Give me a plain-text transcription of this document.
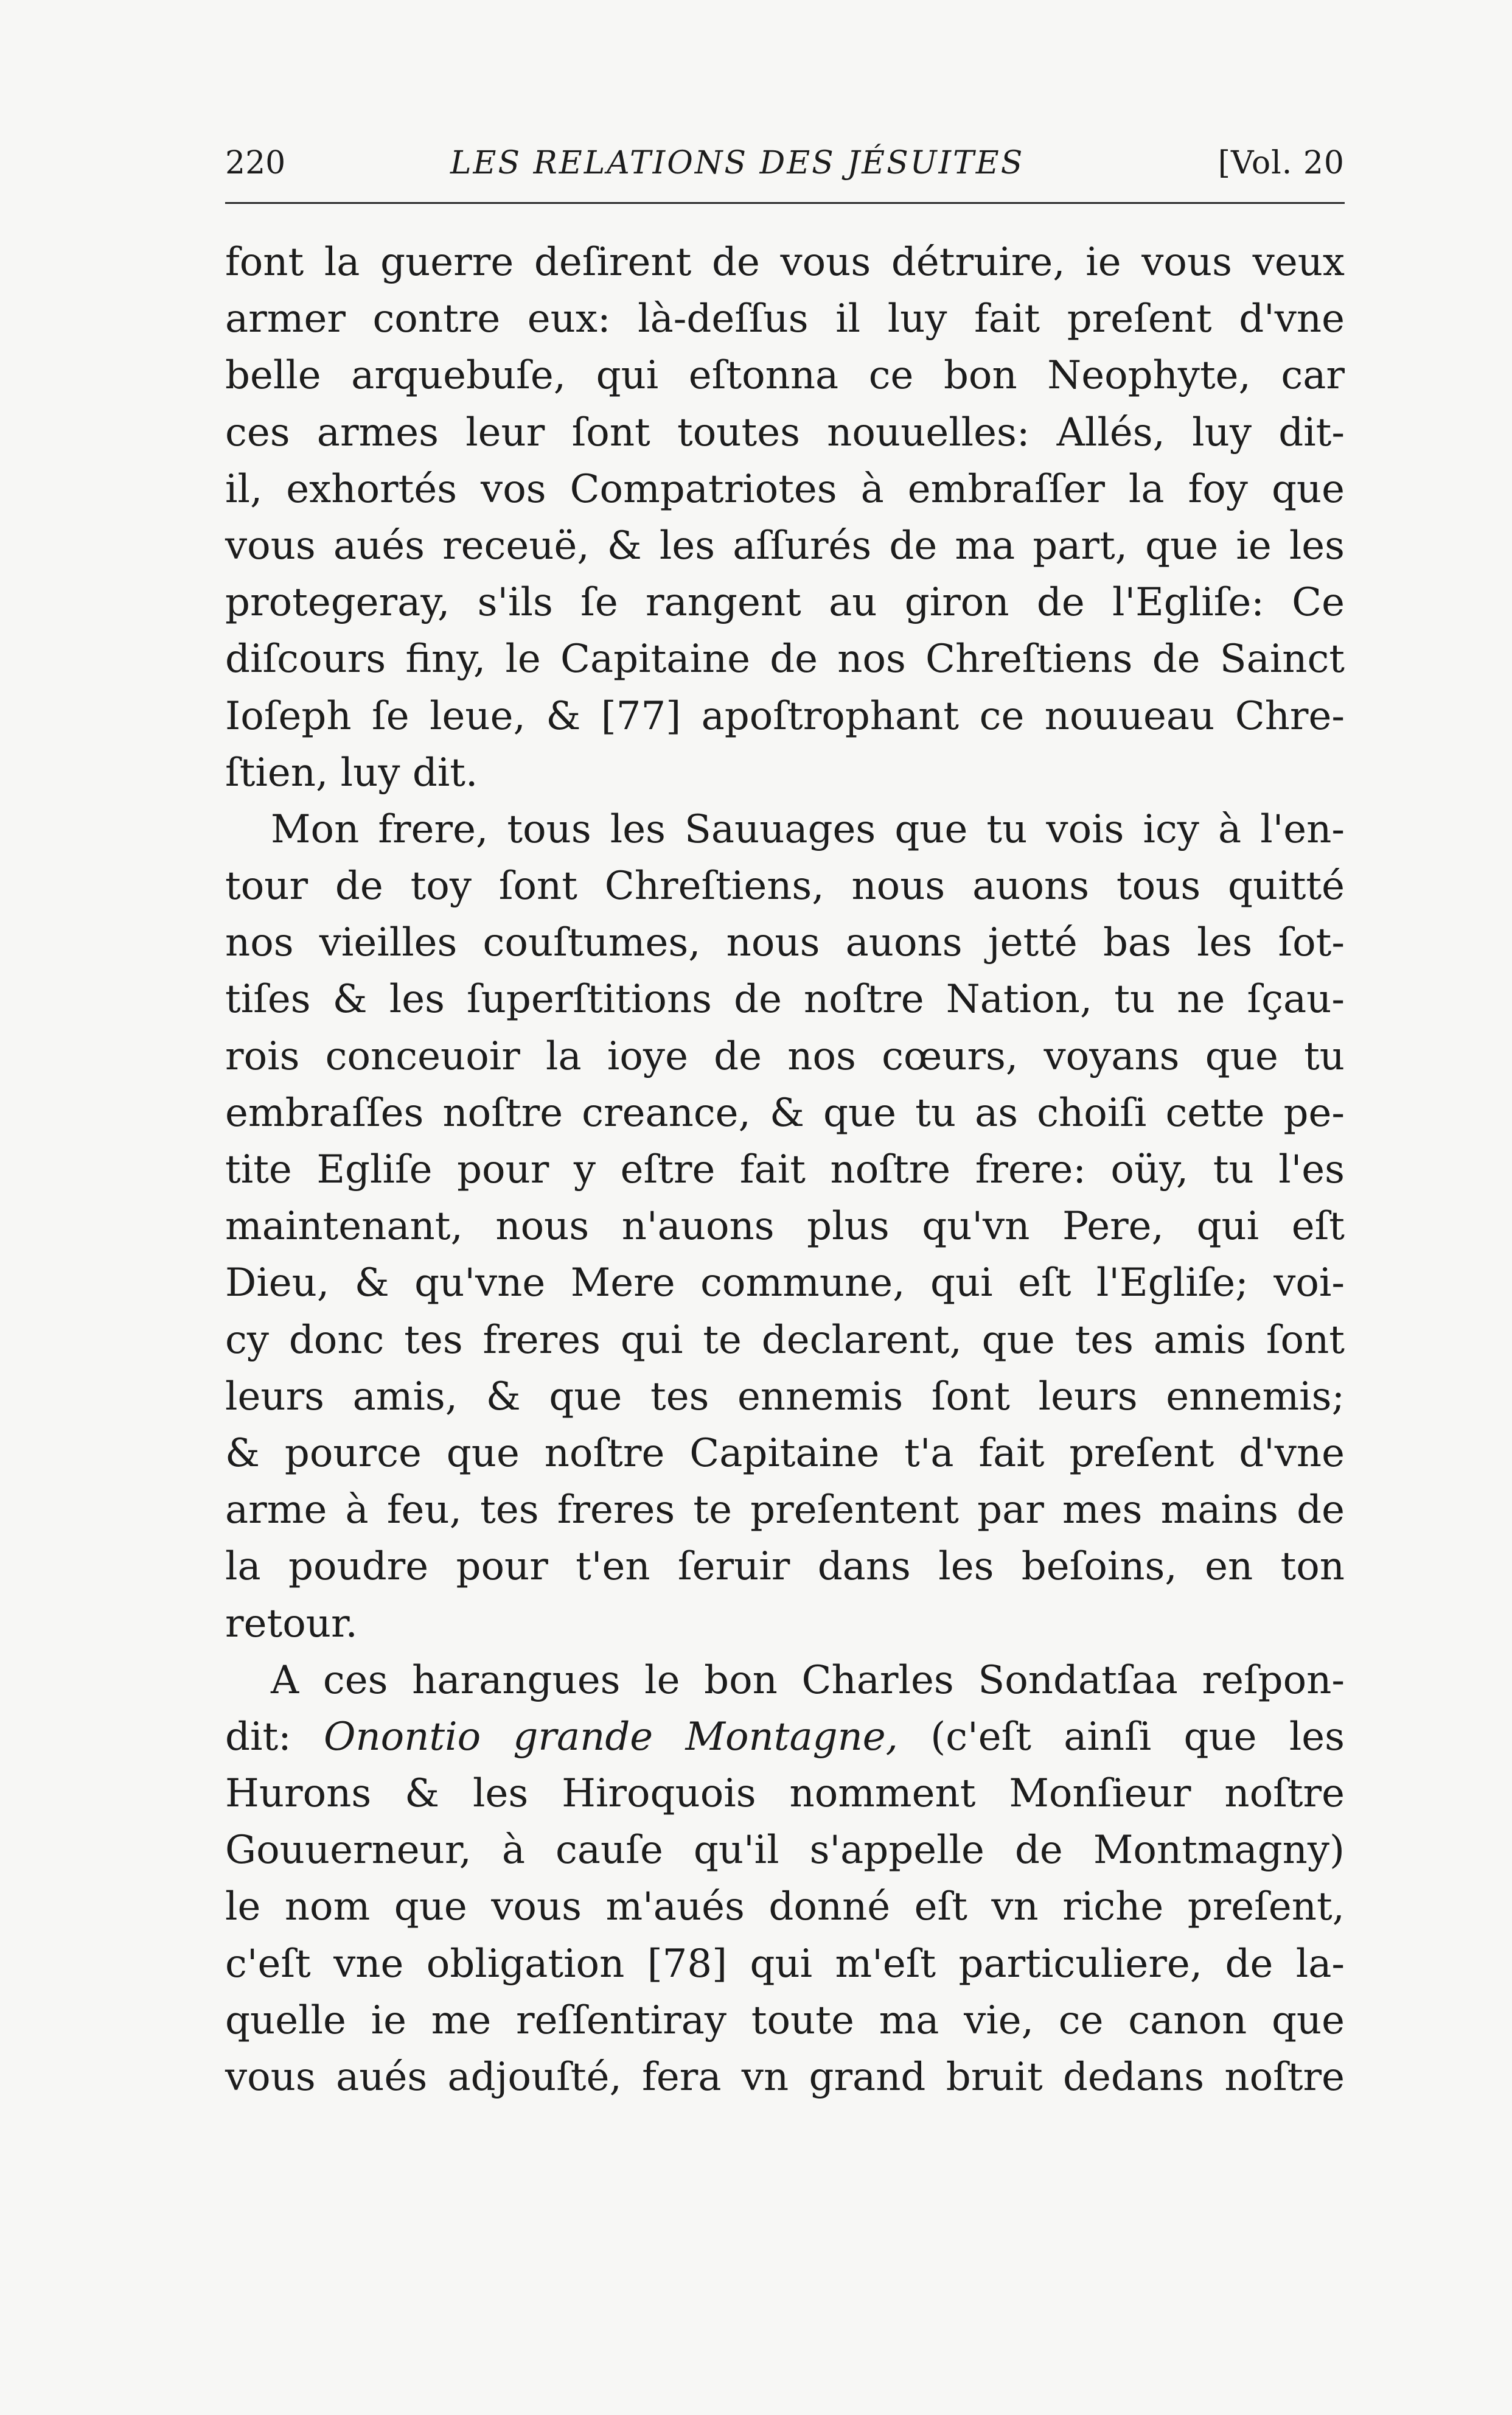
220	LES RELATIONS DES JÉSUITES	[Vol. 20
font la guerre deſirent de vous détruire, ie vous veux
armer contre eux: là-deſſus il luy fait preſent d'vne
belle arquebuſe, qui eſtonna ce bon Neophyte, car
ces armes leur ſont toutes nouuelles: Allés, luy dit-
il, exhortés vos Compatriotes à embraſſer la foy que
vous aués receuë, & les aſſurés de ma part, que ie les
protegeray, s'ils ſe rangent au giron de l'Egliſe: Ce
diſcours finy, le Capitaine de nos Chreſtiens de Sainct
Ioſeph ſe leue, & [77] apoſtrophant ce nouueau Chre-
ſtien, luy dit.
Mon frere, tous les Sauuages que tu vois icy à l'en-
tour de toy ſont Chreſtiens, nous auons tous quitté
nos vieilles couſtumes, nous auons jetté bas les ſot-
tiſes & les ſuperſtitions de noſtre Nation, tu ne ſçau-
rois conceuoir la ioye de nos cœurs, voyans que tu
embraſſes noſtre creance, & que tu as choiſi cette pe-
tite Egliſe pour y eſtre fait noſtre frere: oüy, tu l'es
maintenant, nous n'auons plus qu'vn Pere, qui eſt
Dieu, & qu'vne Mere commune, qui eſt l'Egliſe; voi-
cy donc tes freres qui te declarent, que tes amis ſont
leurs amis, & que tes ennemis ſont leurs ennemis;
& pource que noſtre Capitaine t'a fait preſent d'vne
arme à feu, tes freres te preſentent par mes mains de
la poudre pour t'en ſeruir dans les beſoins, en ton
retour.
A ces harangues le bon Charles Sondatſaa reſpon-
dit: Onontio grande Montagne, (c'eſt ainſi que les
Hurons & les Hiroquois nomment Monſieur noſtre
Gouuerneur, à cauſe qu'il s'appelle de Montmagny)
le nom que vous m'aués donné eſt vn riche preſent,
c'eſt vne obligation [78] qui m'eſt particuliere, de la-
quelle ie me reſſentiray toute ma vie, ce canon que
vous aués adjouſté, fera vn grand bruit dedans noſtre
